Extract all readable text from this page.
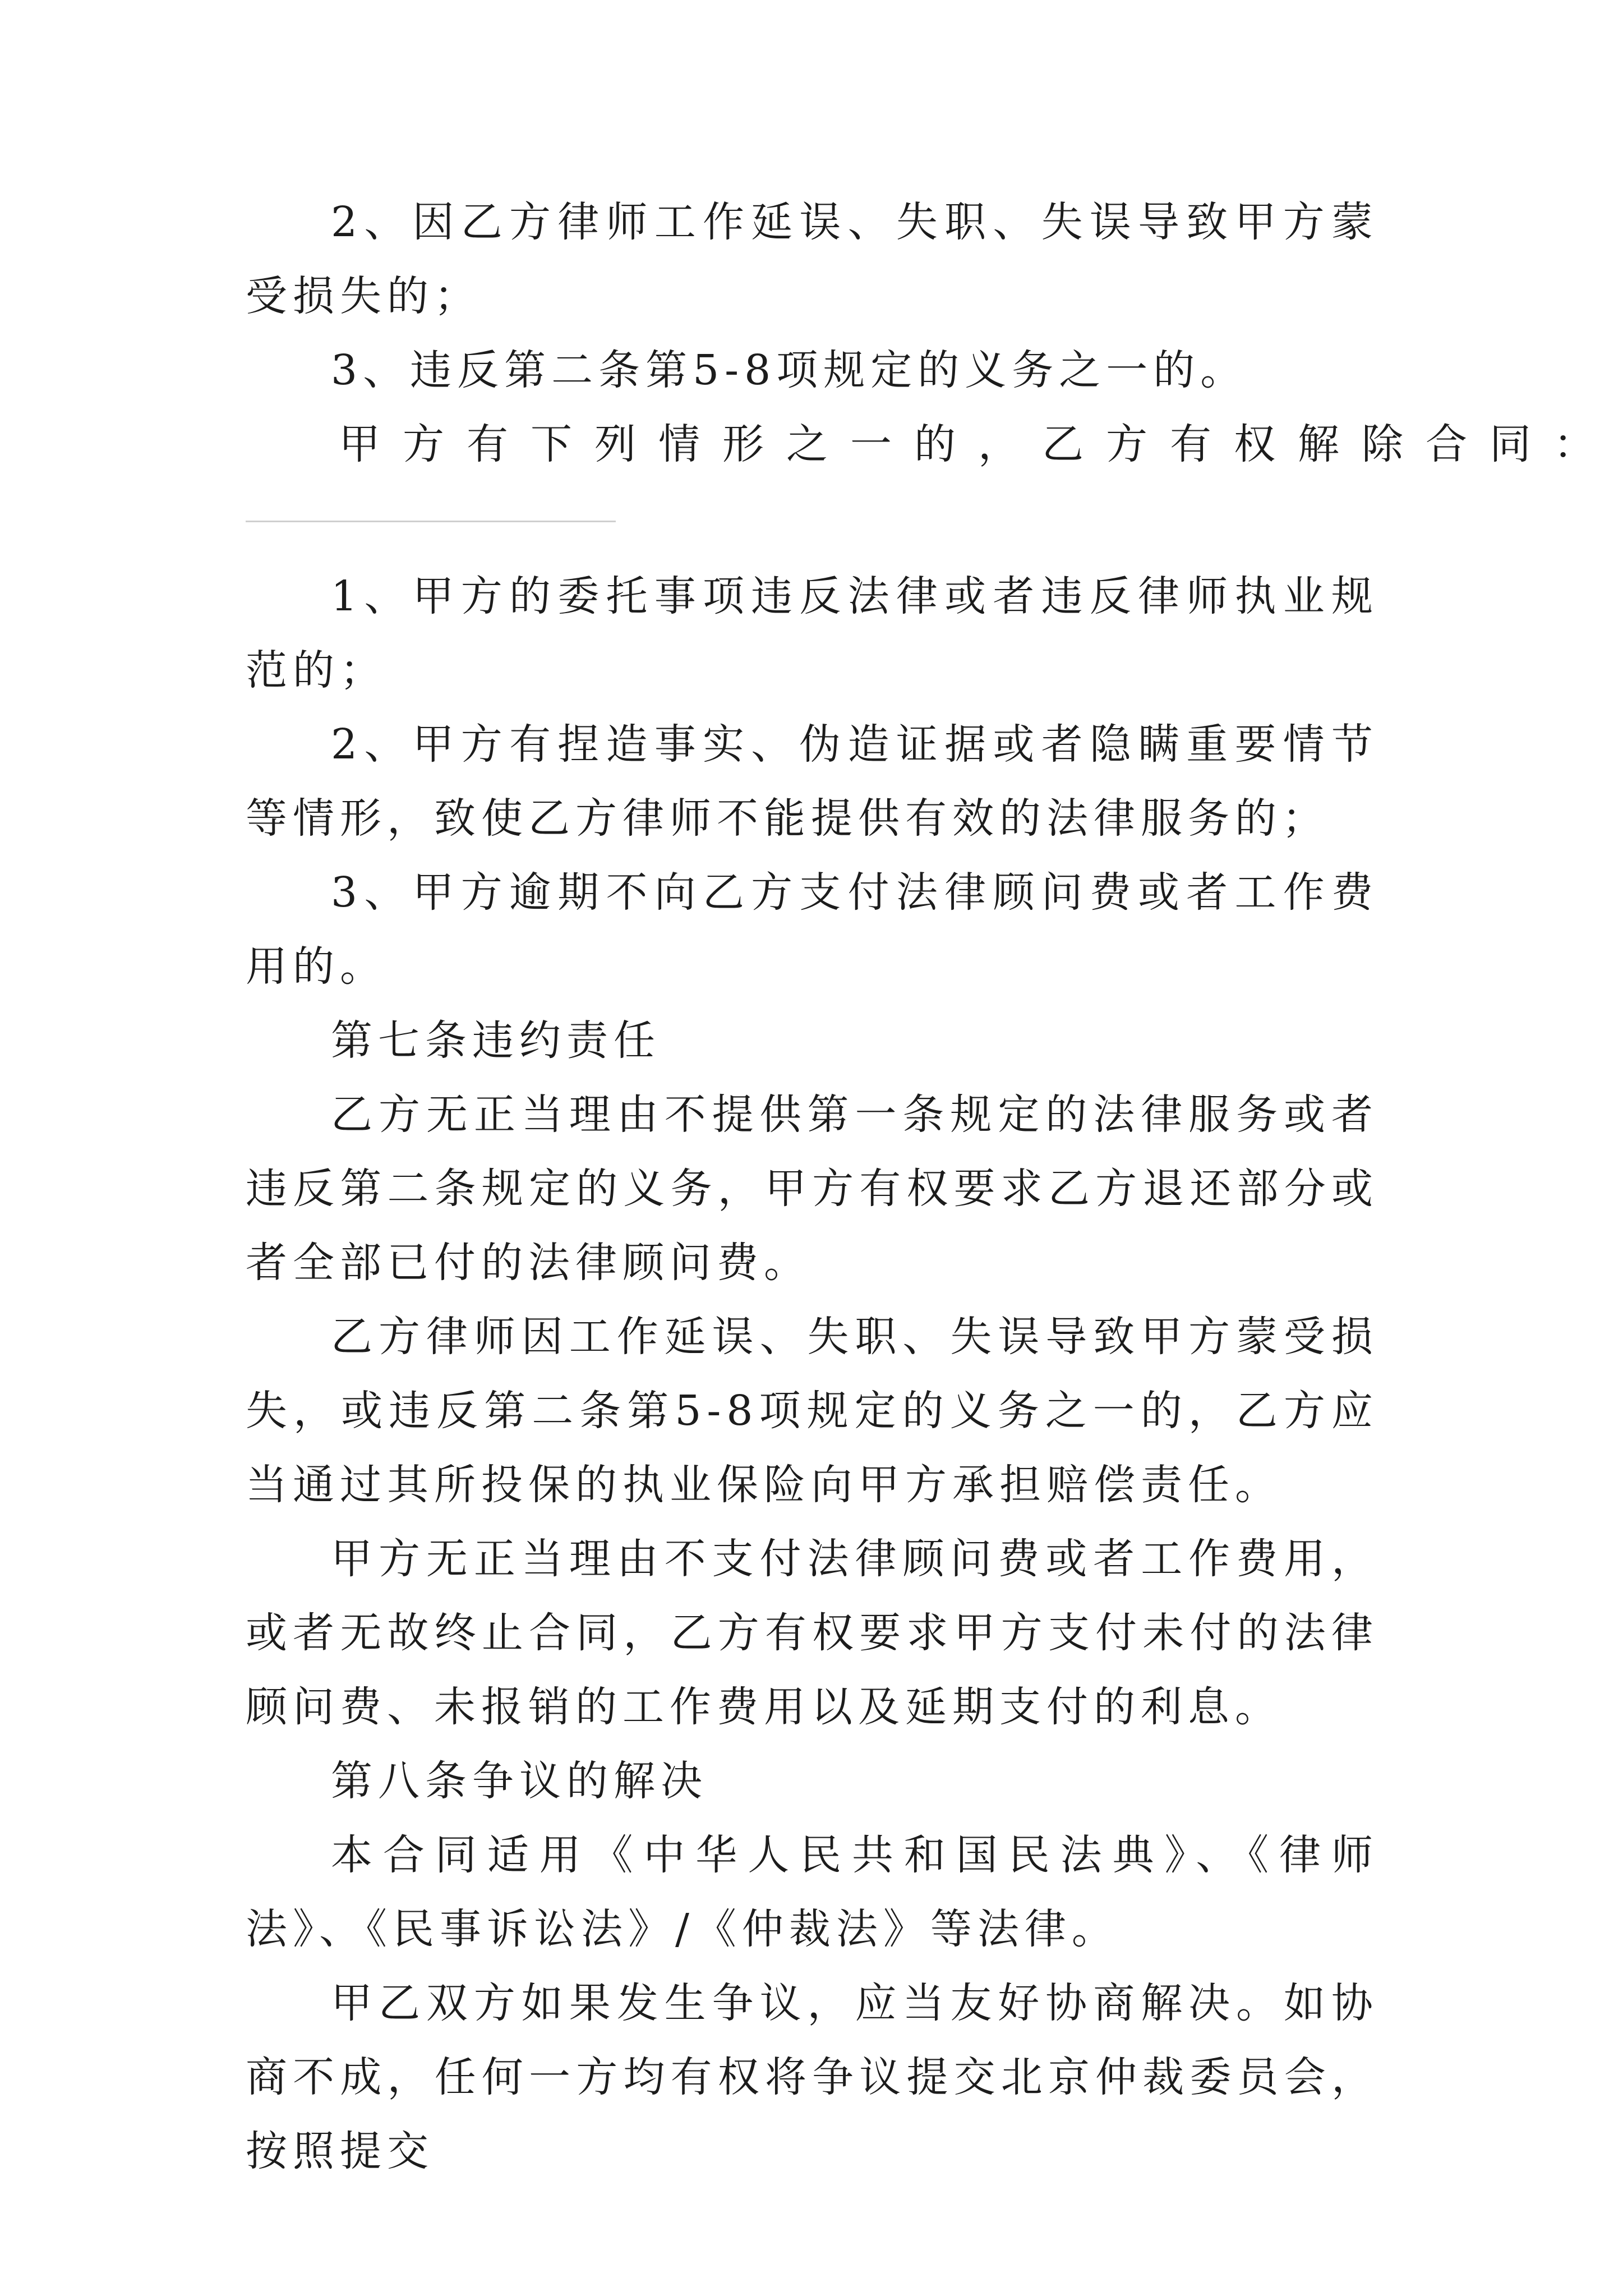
2、因乙方律师工作延误、失职、失误导致甲方蒙受损失的；

3、违反第二条第5-8项规定的义务之一的。

甲方有下列情形之一的，乙方有权解除合同：

1、甲方的委托事项违反法律或者违反律师执业规范的；

2、甲方有捏造事实、伪造证据或者隐瞒重要情节等情形，致使乙方律师不能提供有效的法律服务的；

3、甲方逾期不向乙方支付法律顾问费或者工作费用的。

第七条违约责任

乙方无正当理由不提供第一条规定的法律服务或者违反第二条规定的义务，甲方有权要求乙方退还部分或者全部已付的法律顾问费。

乙方律师因工作延误、失职、失误导致甲方蒙受损失，或违反第二条第5-8项规定的义务之一的，乙方应当通过其所投保的执业保险向甲方承担赔偿责任。

甲方无正当理由不支付法律顾问费或者工作费用，或者无故终止合同，乙方有权要求甲方支付未付的法律顾问费、未报销的工作费用以及延期支付的利息。

第八条争议的解决

本合同适用《中华人民共和国民法典》、《律师法》、《民事诉讼法》/《仲裁法》等法律。

甲乙双方如果发生争议，应当友好协商解决。如协商不成，任何一方均有权将争议提交北京仲裁委员会，按照提交
